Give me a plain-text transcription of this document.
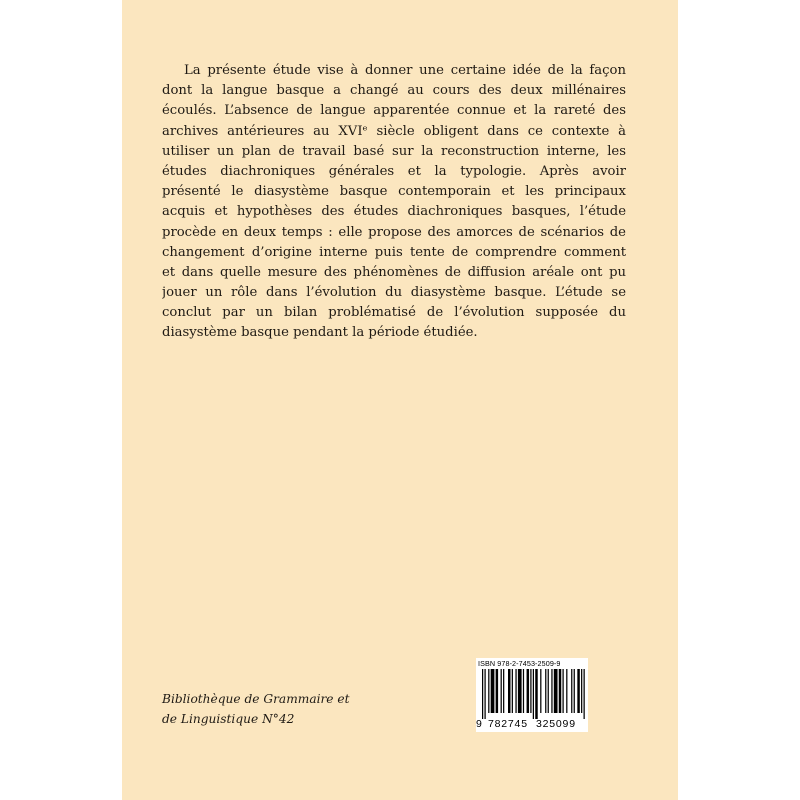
La présente étude vise à donner une certaine idée de la façon
dont la langue basque a changé au cours des deux millénaires
écoulés. L’absence de langue apparentée connue et la rareté des
archives antérieures au XVIᵉ siècle obligent dans ce contexte à
utiliser un plan de travail basé sur la reconstruction interne, les
études diachroniques générales et la typologie. Après avoir
présenté le diasystème basque contemporain et les principaux
acquis et hypothèses des études diachroniques basques, l’étude
procède en deux temps : elle propose des amorces de scénarios de
changement d’origine interne puis tente de comprendre comment
et dans quelle mesure des phénomènes de diffusion aréale ont pu
jouer un rôle dans l’évolution du diasystème basque. L’étude se
conclut par un bilan problématisé de l’évolution supposée du
diasystème basque pendant la période étudiée.
Bibliothèque de Grammaire et
de Linguistique N°42
ISBN 978-2-7453-2509-9
9 782745 325099
